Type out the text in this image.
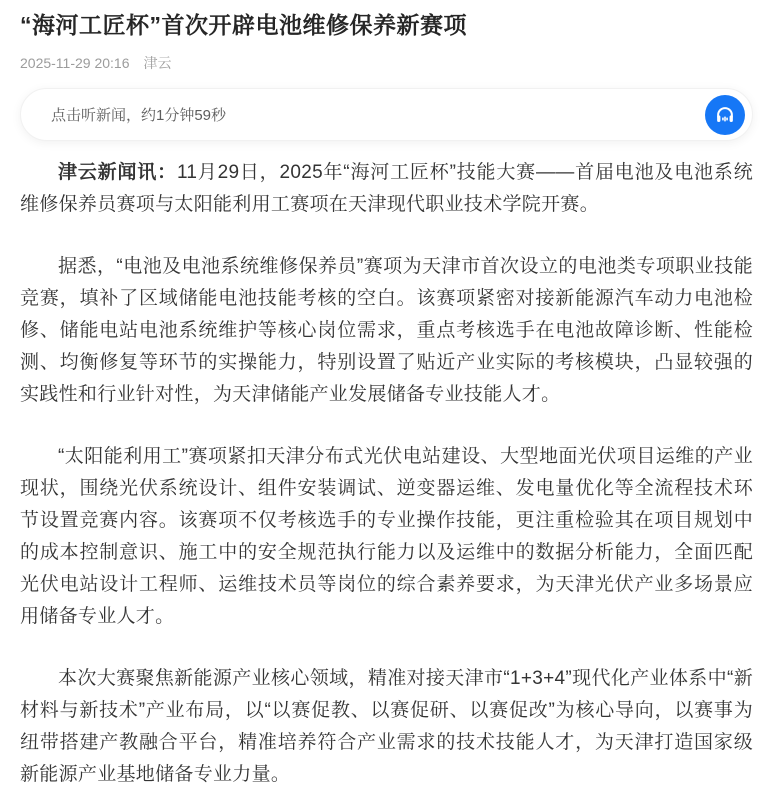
“海河工匠杯”首次开辟电池维修保养新赛项
2025-11-29 20:16 津云
点击听新闻，约1分钟59秒

津云新闻讯：11月29日，2025年“海河工匠杯”技能大赛——首届电池及电池系统维修保养员赛项与太阳能利用工赛项在天津现代职业技术学院开赛。

据悉，“电池及电池系统维修保养员”赛项为天津市首次设立的电池类专项职业技能竞赛，填补了区域储能电池技能考核的空白。该赛项紧密对接新能源汽车动力电池检修、储能电站电池系统维护等核心岗位需求，重点考核选手在电池故障诊断、性能检测、均衡修复等环节的实操能力，特别设置了贴近产业实际的考核模块，凸显较强的实践性和行业针对性，为天津储能产业发展储备专业技能人才。

“太阳能利用工”赛项紧扣天津分布式光伏电站建设、大型地面光伏项目运维的产业现状，围绕光伏系统设计、组件安装调试、逆变器运维、发电量优化等全流程技术环节设置竞赛内容。该赛项不仅考核选手的专业操作技能，更注重检验其在项目规划中的成本控制意识、施工中的安全规范执行能力以及运维中的数据分析能力，全面匹配光伏电站设计工程师、运维技术员等岗位的综合素养要求，为天津光伏产业多场景应用储备专业人才。

本次大赛聚焦新能源产业核心领域，精准对接天津市“1+3+4”现代化产业体系中“新材料与新技术”产业布局，以“以赛促教、以赛促研、以赛促改”为核心导向，以赛事为纽带搭建产教融合平台，精准培养符合产业需求的技术技能人才，为天津打造国家级新能源产业基地储备专业力量。
